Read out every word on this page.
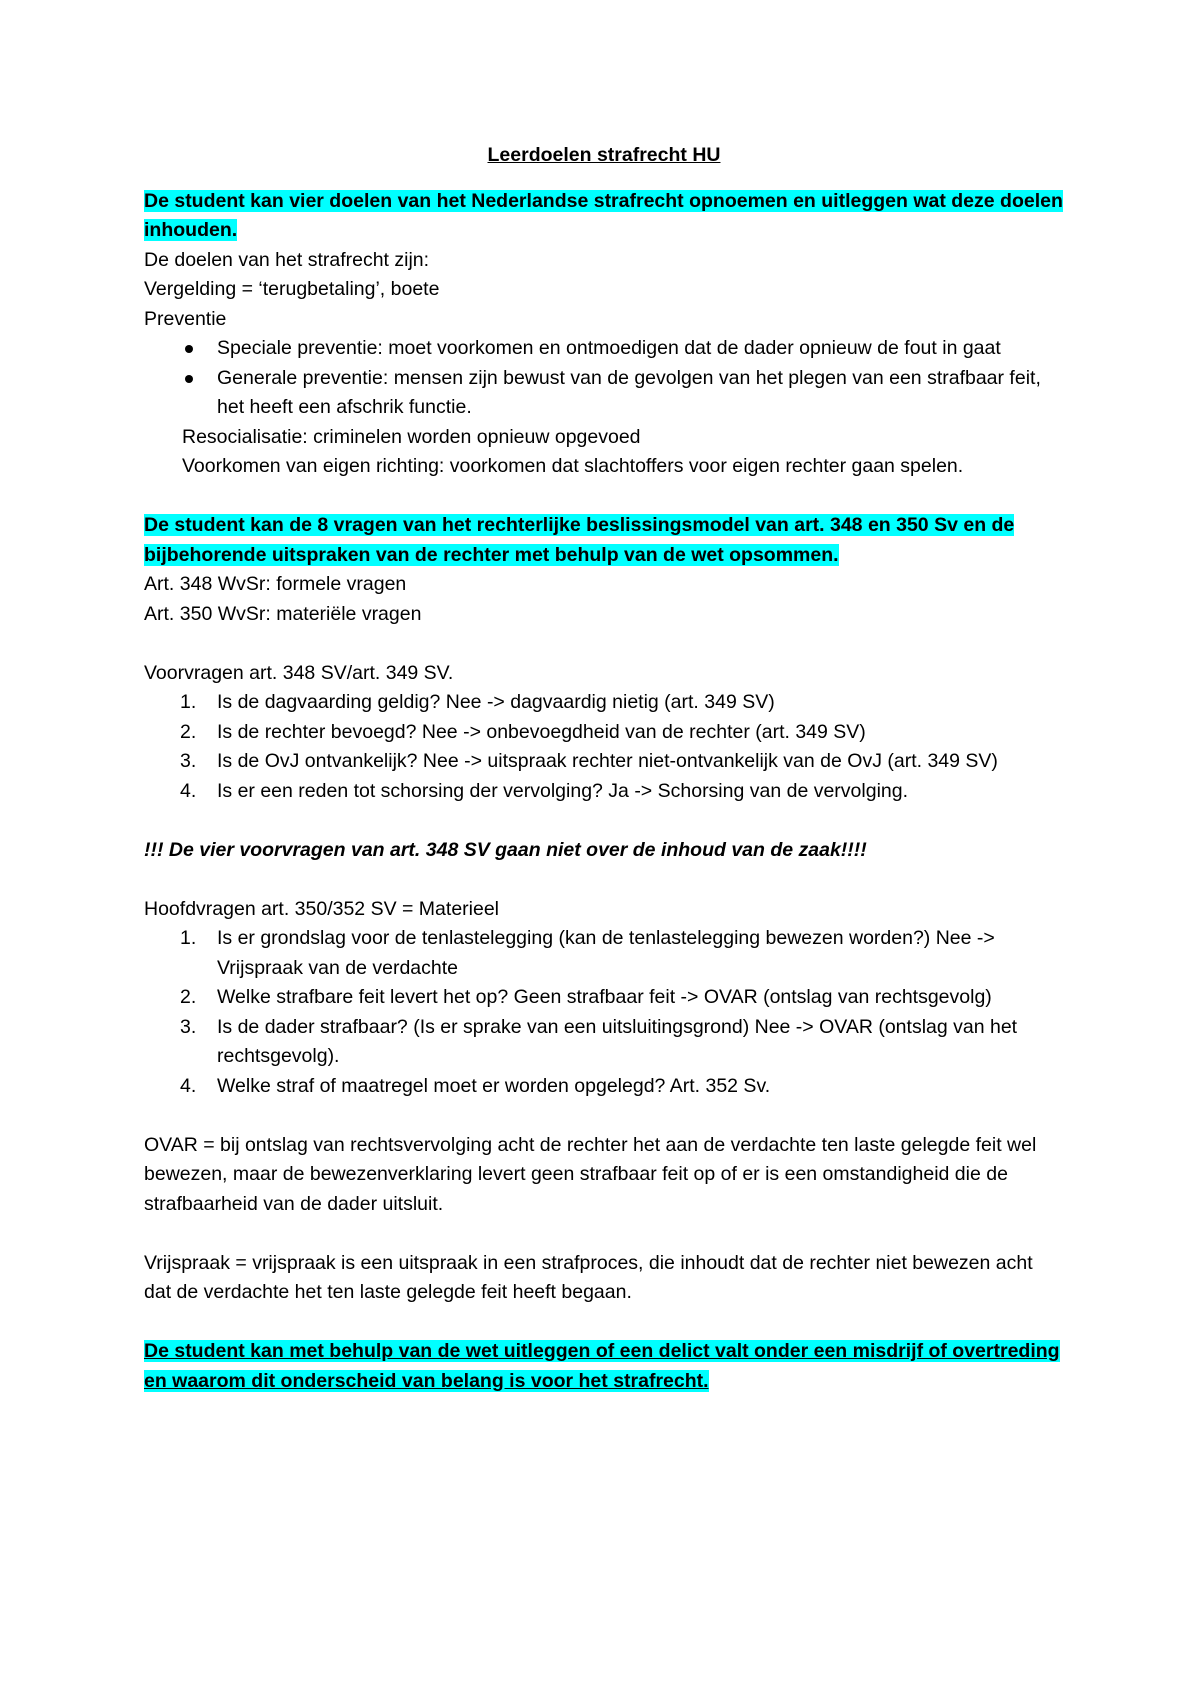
Leerdoelen strafrecht HU

De student kan vier doelen van het Nederlandse strafrecht opnoemen en uitleggen wat deze doelen inhouden.

De doelen van het strafrecht zijn:

Vergelding = ‘terugbetaling’, boete

Preventie

Speciale preventie: moet voorkomen en ontmoedigen dat de dader opnieuw de fout in gaat
Generale preventie: mensen zijn bewust van de gevolgen van het plegen van een strafbaar feit, het heeft een afschrik functie.

Resocialisatie: criminelen worden opnieuw opgevoed

Voorkomen van eigen richting: voorkomen dat slachtoffers voor eigen rechter gaan spelen.

De student kan de 8 vragen van het rechterlijke beslissingsmodel van art. 348 en 350 Sv en de bijbehorende uitspraken van de rechter met behulp van de wet opsommen.

Art. 348 WvSr: formele vragen

Art. 350 WvSr: materiële vragen

Voorvragen art. 348 SV/art. 349 SV.

1. Is de dagvaarding geldig? Nee -> dagvaardig nietig (art. 349 SV)
2. Is de rechter bevoegd? Nee -> onbevoegdheid van de rechter (art. 349 SV)
3. Is de OvJ ontvankelijk? Nee -> uitspraak rechter niet-ontvankelijk van de OvJ (art. 349 SV)
4. Is er een reden tot schorsing der vervolging? Ja -> Schorsing van de vervolging.

!!! De vier voorvragen van art. 348 SV gaan niet over de inhoud van de zaak!!!!

Hoofdvragen art. 350/352 SV = Materieel

1. Is er grondslag voor de tenlastelegging (kan de tenlastelegging bewezen worden?) Nee -> Vrijspraak van de verdachte
2. Welke strafbare feit levert het op? Geen strafbaar feit -> OVAR (ontslag van rechtsgevolg)
3. Is de dader strafbaar? (Is er sprake van een uitsluitingsgrond) Nee -> OVAR (ontslag van het rechtsgevolg).
4. Welke straf of maatregel moet er worden opgelegd? Art. 352 Sv.

OVAR = bij ontslag van rechtsvervolging acht de rechter het aan de verdachte ten laste gelegde feit wel bewezen, maar de bewezenverklaring levert geen strafbaar feit op of er is een omstandigheid die de strafbaarheid van de dader uitsluit.

Vrijspraak = vrijspraak is een uitspraak in een strafproces, die inhoudt dat de rechter niet bewezen acht dat de verdachte het ten laste gelegde feit heeft begaan.

De student kan met behulp van de wet uitleggen of een delict valt onder een misdrijf of overtreding en waarom dit onderscheid van belang is voor het strafrecht.
